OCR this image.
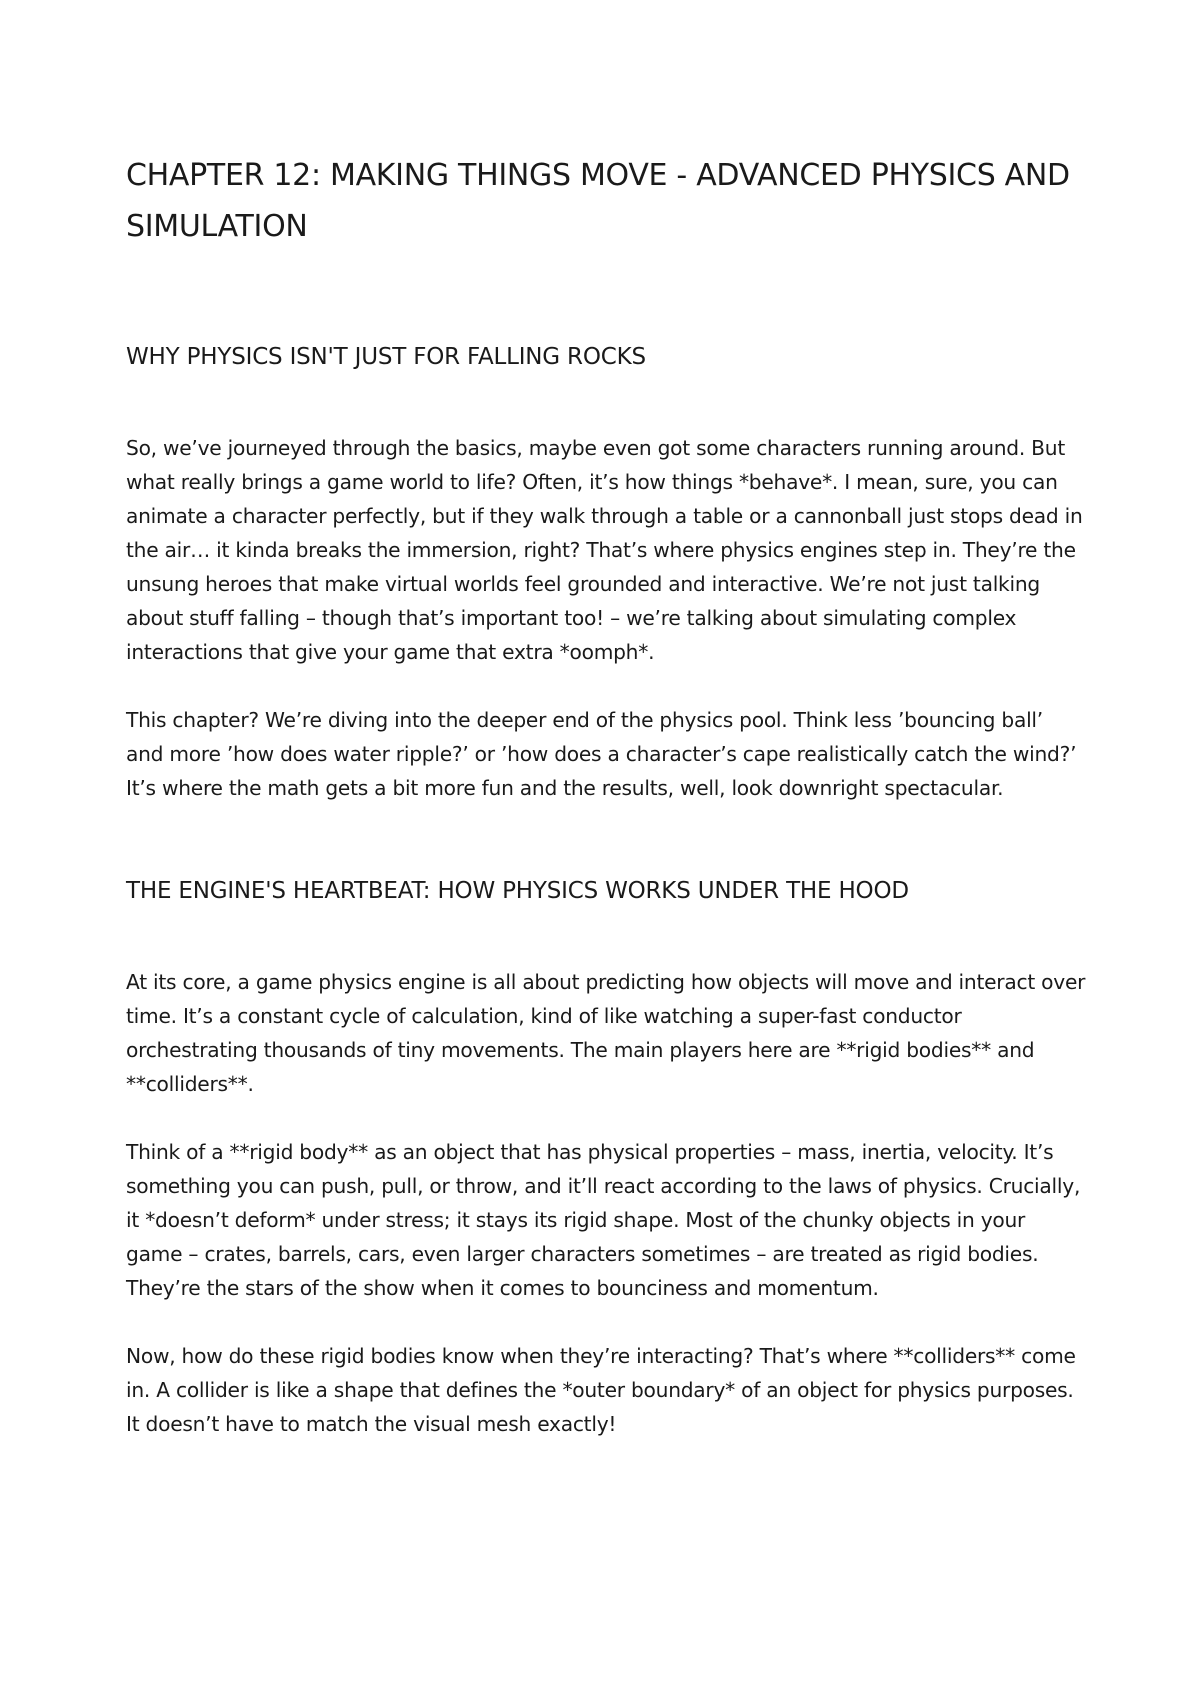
CHAPTER 12: MAKING THINGS MOVE - ADVANCED PHYSICS AND SIMULATION
WHY PHYSICS ISN'T JUST FOR FALLING ROCKS

So, we’ve journeyed through the basics, maybe even got some characters running around. But what really brings a game world to life? Often, it’s how things *behave*. I mean, sure, you can animate a character perfectly, but if they walk through a table or a cannonball just stops dead in the air… it kinda breaks the immersion, right? That’s where physics engines step in. They’re the unsung heroes that make virtual worlds feel grounded and interactive. We’re not just talking about stuff falling – though that’s important too! – we’re talking about simulating complex interactions that give your game that extra *oomph*.

This chapter? We’re diving into the deeper end of the physics pool. Think less ’bouncing ball’ and more ’how does water ripple?’ or ’how does a character’s cape realistically catch the wind?’ It’s where the math gets a bit more fun and the results, well, look downright spectacular.

THE ENGINE'S HEARTBEAT: HOW PHYSICS WORKS UNDER THE HOOD

At its core, a game physics engine is all about predicting how objects will move and interact over time. It’s a constant cycle of calculation, kind of like watching a super-fast conductor orchestrating thousands of tiny movements. The main players here are **rigid bodies** and **colliders**.

Think of a **rigid body** as an object that has physical properties – mass, inertia, velocity. It’s something you can push, pull, or throw, and it’ll react according to the laws of physics. Crucially, it *doesn’t deform* under stress; it stays its rigid shape. Most of the chunky objects in your game – crates, barrels, cars, even larger characters sometimes – are treated as rigid bodies. They’re the stars of the show when it comes to bounciness and momentum.

Now, how do these rigid bodies know when they’re interacting? That’s where **colliders** come in. A collider is like a shape that defines the *outer boundary* of an object for physics purposes. It doesn’t have to match the visual mesh exactly!
